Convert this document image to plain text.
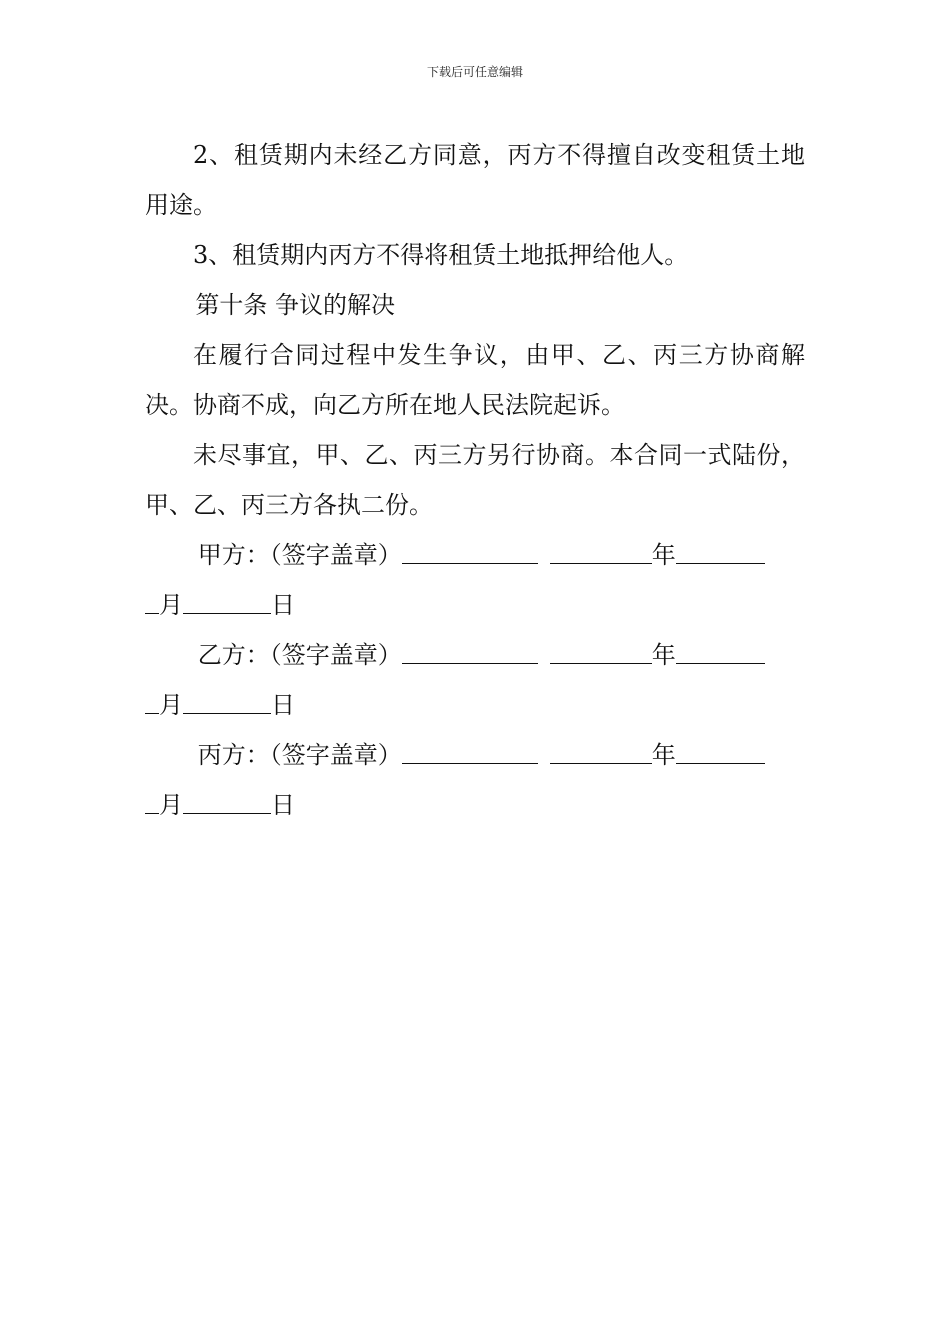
下载后可任意编辑

2、租赁期内未经乙方同意，丙方不得擅自改变租赁土地用途。

3、租赁期内丙方不得将租赁土地抵押给他人。

第十条 争议的解决

在履行合同过程中发生争议，由甲、乙、丙三方协商解决。协商不成，向乙方所在地人民法院起诉。

未尽事宜，甲、乙、丙三方另行协商。本合同一式陆份，甲、乙、丙三方各执二份。

甲方：（签字盖章）	年

月	日

乙方：（签字盖章）	年

月	日

丙方：（签字盖章）	年

月	日
